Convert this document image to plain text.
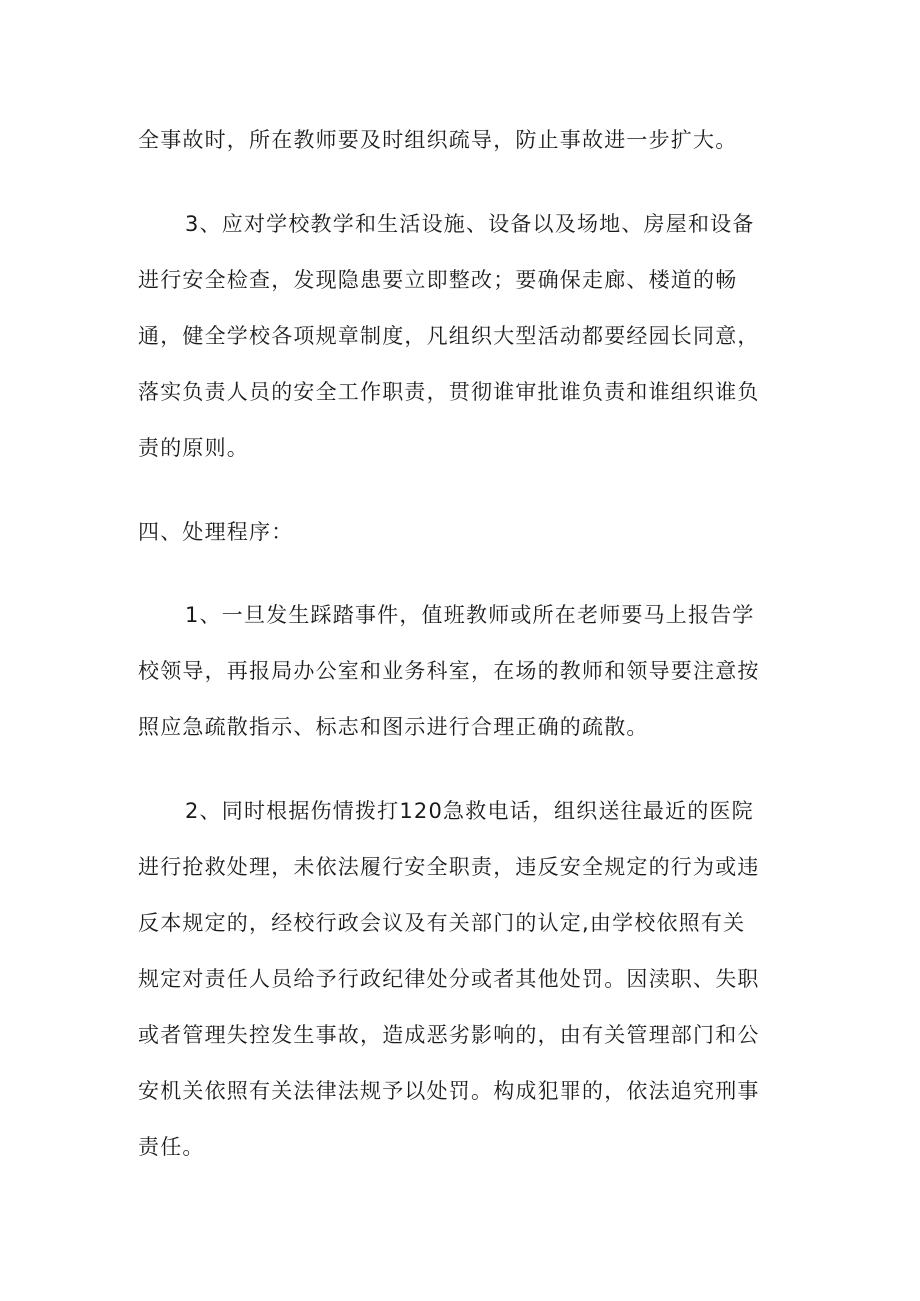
全事故时，所在教师要及时组织疏导，防止事故进一步扩大。
3、应对学校教学和生活设施、设备以及场地、房屋和设备
进行安全检查，发现隐患要立即整改；要确保走廊、楼道的畅
通，健全学校各项规章制度，凡组织大型活动都要经园长同意，
落实负责人员的安全工作职责，贯彻谁审批谁负责和谁组织谁负
责的原则。
四、处理程序：
1、一旦发生踩踏事件，值班教师或所在老师要马上报告学
校领导，再报局办公室和业务科室，在场的教师和领导要注意按
照应急疏散指示、标志和图示进行合理正确的疏散。
2、同时根据伤情拨打120急救电话，组织送往最近的医院
进行抢救处理，未依法履行安全职责，违反安全规定的行为或违
反本规定的，经校行政会议及有关部门的认定,由学校依照有关
规定对责任人员给予行政纪律处分或者其他处罚。因渎职、失职
或者管理失控发生事故，造成恶劣影响的，由有关管理部门和公
安机关依照有关法律法规予以处罚。构成犯罪的，依法追究刑事
责任。
